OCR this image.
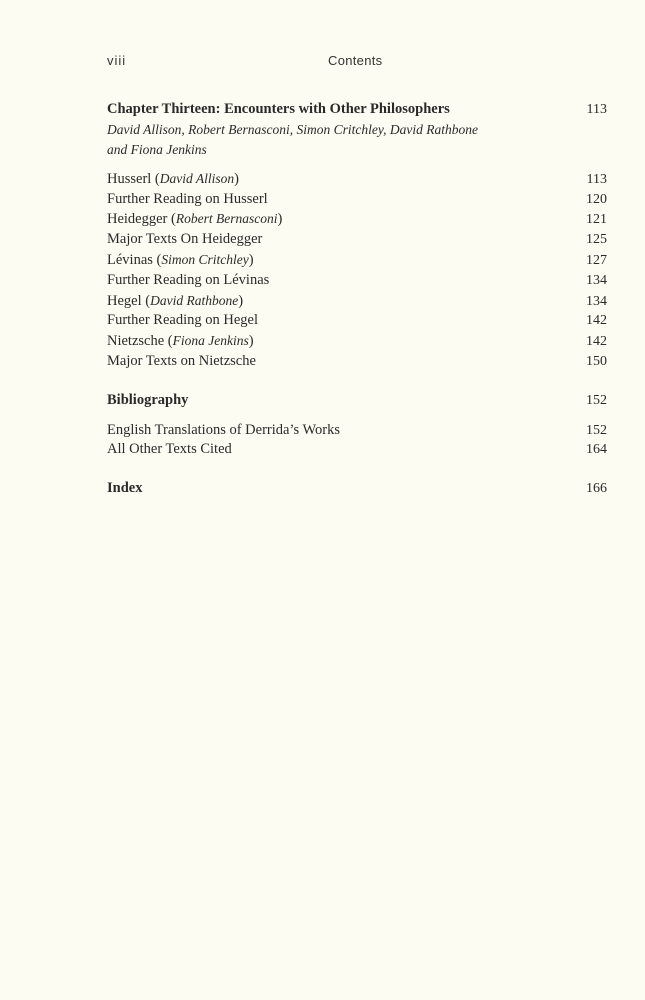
viii	Contents
Chapter Thirteen: Encounters with Other Philosophers	113
David Allison, Robert Bernasconi, Simon Critchley, David Rathbone
and Fiona Jenkins
Husserl (David Allison)	113
Further Reading on Husserl	120
Heidegger (Robert Bernasconi)	121
Major Texts On Heidegger	125
Lévinas (Simon Critchley)	127
Further Reading on Lévinas	134
Hegel (David Rathbone)	134
Further Reading on Hegel	142
Nietzsche (Fiona Jenkins)	142
Major Texts on Nietzsche	150
Bibliography	152
English Translations of Derrida’s Works	152
All Other Texts Cited	164
Index	166
